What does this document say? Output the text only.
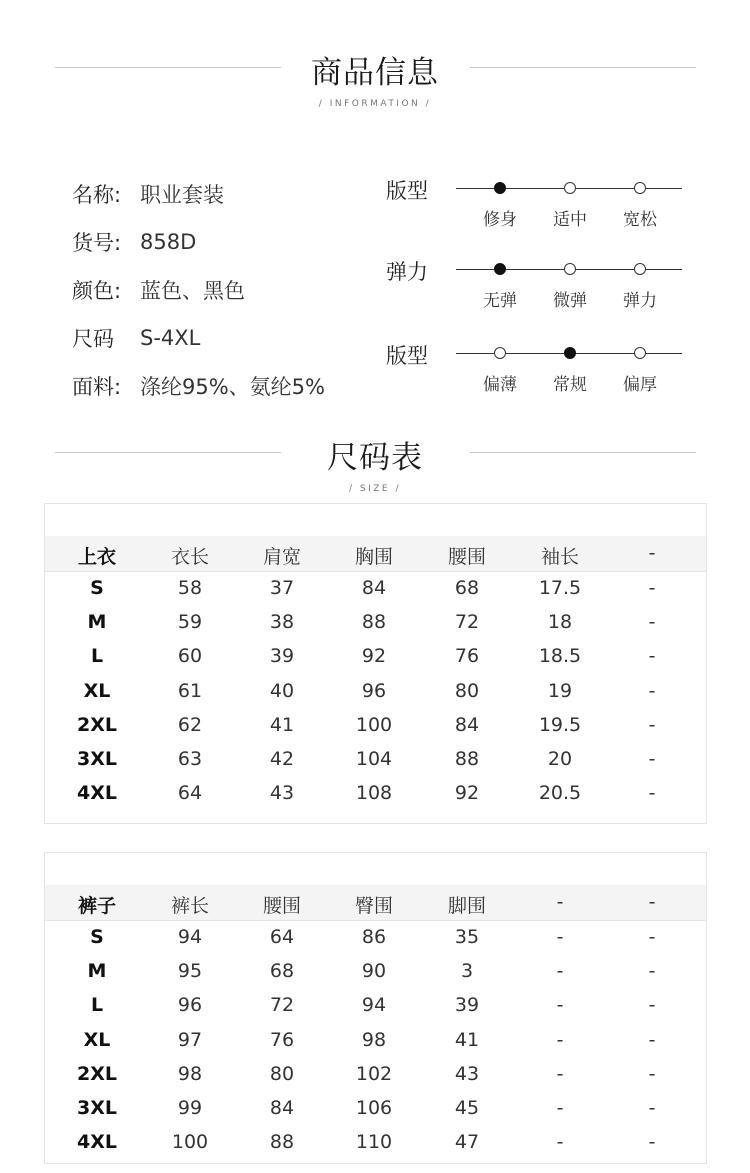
商品信息
/ INFORMATION /
名称: 职业套装
货号: 858D
颜色: 蓝色、黑色
尺码	S-4XL
面料: 涤纶95%、氨纶5%
版型
修身	适中	宽松
弹力
无弹	微弹	弹力
版型
偏薄	常规	偏厚
尺码表
/ SIZE /
上衣	衣长	肩宽	胸围	腰围	袖长	-
S	58	37	84	68	17.5	-
M	59	38	88	72	18	-
L	60	39	92	76	18.5	-
XL	61	40	96	80	19	-
2XL	62	41	100	84	19.5	-
3XL	63	42	104	88	20	-
4XL	64	43	108	92	20.5	-
裤子	裤长	腰围	臀围	脚围	-	-
S	94	64	86	35	-	-
M	95	68	90	3	-	-
L	96	72	94	39	-	-
XL	97	76	98	41	-	-
2XL	98	80	102	43	-	-
3XL	99	84	106	45	-	-
4XL	100	88	110	47	-	-
